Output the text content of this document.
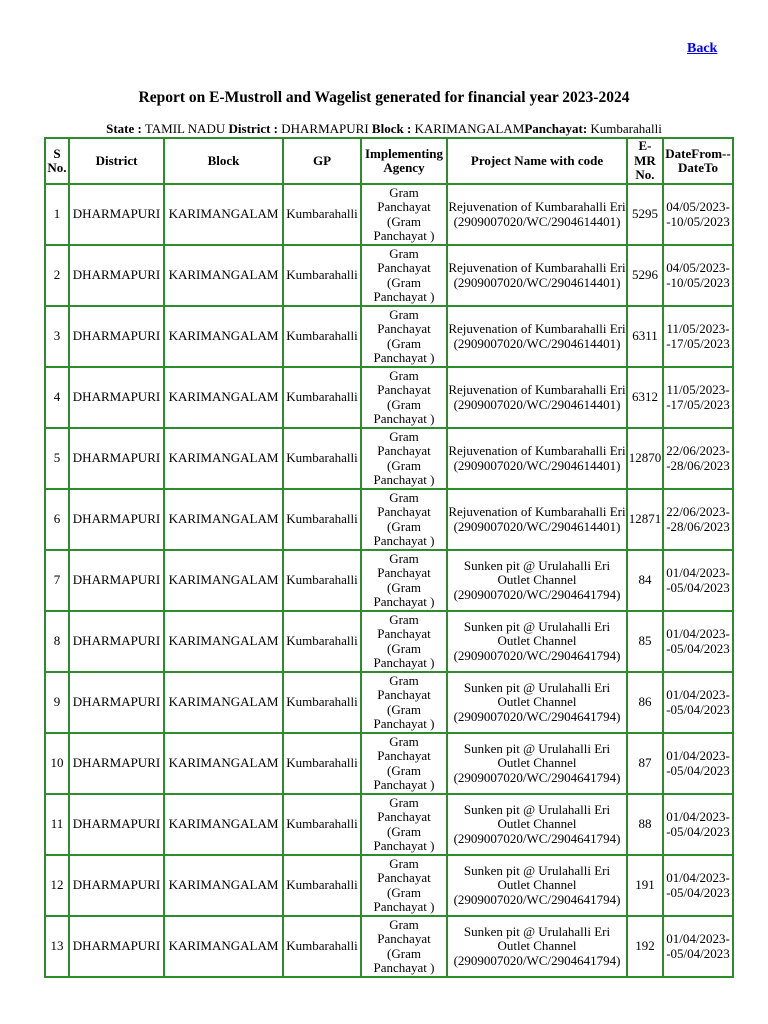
Back
Report on E-Mustroll and Wagelist generated for financial year 2023-2024
State : TAMIL NADU District : DHARMAPURI Block : KARIMANGALAMPanchayat: Kumbarahalli
S No.	District	Block	GP	Implementing Agency	Project Name with code	E-MR No.	DateFrom--DateTo
1	DHARMAPURI	KARIMANGALAM	Kumbarahalli	Gram Panchayat (Gram Panchayat )	Rejuvenation of Kumbarahalli Eri (2909007020/WC/2904614401)	5295	04/05/2023--10/05/2023
2	DHARMAPURI	KARIMANGALAM	Kumbarahalli	Gram Panchayat (Gram Panchayat )	Rejuvenation of Kumbarahalli Eri (2909007020/WC/2904614401)	5296	04/05/2023--10/05/2023
3	DHARMAPURI	KARIMANGALAM	Kumbarahalli	Gram Panchayat (Gram Panchayat )	Rejuvenation of Kumbarahalli Eri (2909007020/WC/2904614401)	6311	11/05/2023--17/05/2023
4	DHARMAPURI	KARIMANGALAM	Kumbarahalli	Gram Panchayat (Gram Panchayat )	Rejuvenation of Kumbarahalli Eri (2909007020/WC/2904614401)	6312	11/05/2023--17/05/2023
5	DHARMAPURI	KARIMANGALAM	Kumbarahalli	Gram Panchayat (Gram Panchayat )	Rejuvenation of Kumbarahalli Eri (2909007020/WC/2904614401)	12870	22/06/2023--28/06/2023
6	DHARMAPURI	KARIMANGALAM	Kumbarahalli	Gram Panchayat (Gram Panchayat )	Rejuvenation of Kumbarahalli Eri (2909007020/WC/2904614401)	12871	22/06/2023--28/06/2023
7	DHARMAPURI	KARIMANGALAM	Kumbarahalli	Gram Panchayat (Gram Panchayat )	Sunken pit @ Urulahalli Eri Outlet Channel (2909007020/WC/2904641794)	84	01/04/2023--05/04/2023
8	DHARMAPURI	KARIMANGALAM	Kumbarahalli	Gram Panchayat (Gram Panchayat )	Sunken pit @ Urulahalli Eri Outlet Channel (2909007020/WC/2904641794)	85	01/04/2023--05/04/2023
9	DHARMAPURI	KARIMANGALAM	Kumbarahalli	Gram Panchayat (Gram Panchayat )	Sunken pit @ Urulahalli Eri Outlet Channel (2909007020/WC/2904641794)	86	01/04/2023--05/04/2023
10	DHARMAPURI	KARIMANGALAM	Kumbarahalli	Gram Panchayat (Gram Panchayat )	Sunken pit @ Urulahalli Eri Outlet Channel (2909007020/WC/2904641794)	87	01/04/2023--05/04/2023
11	DHARMAPURI	KARIMANGALAM	Kumbarahalli	Gram Panchayat (Gram Panchayat )	Sunken pit @ Urulahalli Eri Outlet Channel (2909007020/WC/2904641794)	88	01/04/2023--05/04/2023
12	DHARMAPURI	KARIMANGALAM	Kumbarahalli	Gram Panchayat (Gram Panchayat )	Sunken pit @ Urulahalli Eri Outlet Channel (2909007020/WC/2904641794)	191	01/04/2023--05/04/2023
13	DHARMAPURI	KARIMANGALAM	Kumbarahalli	Gram Panchayat (Gram Panchayat )	Sunken pit @ Urulahalli Eri Outlet Channel (2909007020/WC/2904641794)	192	01/04/2023--05/04/2023
